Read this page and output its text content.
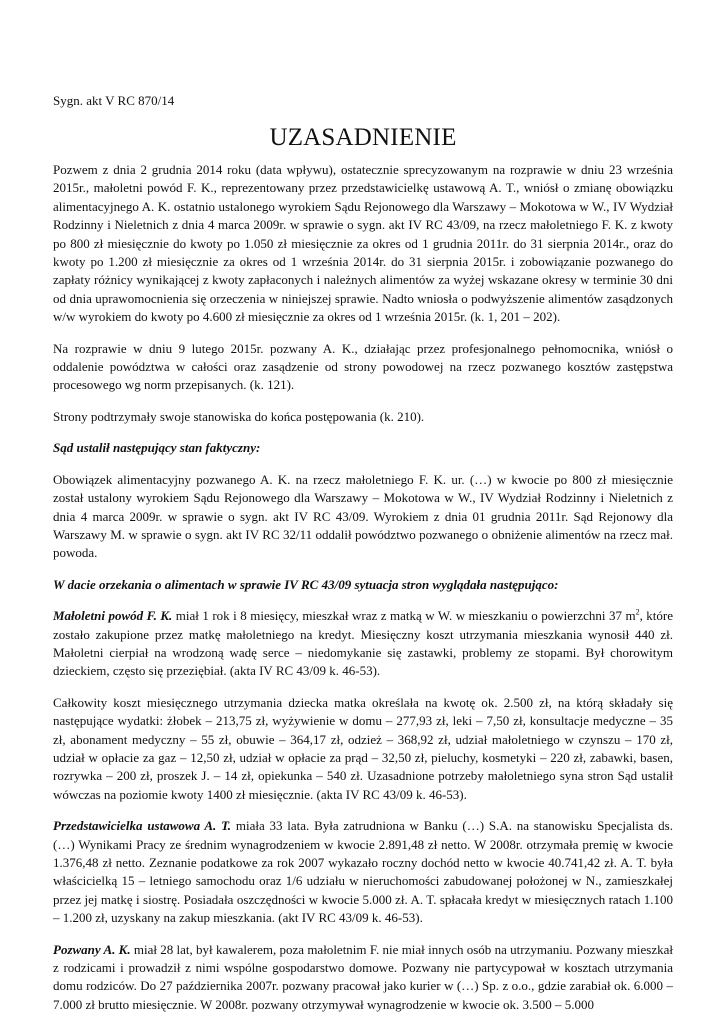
Sygn. akt V RC 870/14

UZASADNIENIE

Pozwem z dnia 2 grudnia 2014 roku (data wpływu), ostatecznie sprecyzowanym na rozprawie w dniu 23 września 2015r., małoletni powód F. K., reprezentowany przez przedstawicielkę ustawową A. T., wniósł o zmianę obowiązku alimentacyjnego A. K. ostatnio ustalonego wyrokiem Sądu Rejonowego dla Warszawy – Mokotowa w W., IV Wydział Rodzinny i Nieletnich z dnia 4 marca 2009r. w sprawie o sygn. akt IV RC 43/09, na rzecz małoletniego F. K. z kwoty po 800 zł miesięcznie do kwoty po 1.050 zł miesięcznie za okres od 1 grudnia 2011r. do 31 sierpnia 2014r., oraz do kwoty po 1.200 zł miesięcznie za okres od 1 września 2014r. do 31 sierpnia 2015r. i zobowiązanie pozwanego do zapłaty różnicy wynikającej z kwoty zapłaconych i należnych alimentów za wyżej wskazane okresy w terminie 30 dni od dnia uprawomocnienia się orzeczenia w niniejszej sprawie. Nadto wniosła o podwyższenie alimentów zasądzonych w/w wyrokiem do kwoty po 4.600 zł miesięcznie za okres od 1 września 2015r. (k. 1, 201 – 202).

Na rozprawie w dniu 9 lutego 2015r. pozwany A. K., działając przez profesjonalnego pełnomocnika, wniósł o oddalenie powództwa w całości oraz zasądzenie od strony powodowej na rzecz pozwanego kosztów zastępstwa procesowego wg norm przepisanych. (k. 121).

Strony podtrzymały swoje stanowiska do końca postępowania (k. 210).

Sąd ustalił następujący stan faktyczny:

Obowiązek alimentacyjny pozwanego A. K. na rzecz małoletniego F. K. ur. (…) w kwocie po 800 zł miesięcznie został ustalony wyrokiem Sądu Rejonowego dla Warszawy – Mokotowa w W., IV Wydział Rodzinny i Nieletnich z dnia 4 marca 2009r. w sprawie o sygn. akt IV RC 43/09. Wyrokiem z dnia 01 grudnia 2011r. Sąd Rejonowy dla Warszawy M. w sprawie o sygn. akt IV RC 32/11 oddalił powództwo pozwanego o obniżenie alimentów na rzecz mał. powoda.

W dacie orzekania o alimentach w sprawie IV RC 43/09 sytuacja stron wyglądała następująco:

Małoletni powód F. K. miał 1 rok i 8 miesięcy, mieszkał wraz z matką w W. w mieszkaniu o powierzchni 37 $m^2$, które zostało zakupione przez matkę małoletniego na kredyt. Miesięczny koszt utrzymania mieszkania wynosił 440 zł. Małoletni cierpiał na wrodzoną wadę serce – niedomykanie się zastawki, problemy ze stopami. Był chorowitym dzieckiem, często się przeziębiał. (akta IV RC 43/09 k. 46-53).

Całkowity koszt miesięcznego utrzymania dziecka matka określała na kwotę ok. 2.500 zł, na którą składały się następujące wydatki: żłobek – 213,75 zł, wyżywienie w domu – 277,93 zł, leki – 7,50 zł, konsultacje medyczne – 35 zł, abonament medyczny – 55 zł, obuwie – 364,17 zł, odzież – 368,92 zł, udział małoletniego w czynszu – 170 zł, udział w opłacie za gaz – 12,50 zł, udział w opłacie za prąd – 32,50 zł, pieluchy, kosmetyki – 220 zł, zabawki, basen, rozrywka – 200 zł, proszek J. – 14 zł, opiekunka – 540 zł. Uzasadnione potrzeby małoletniego syna stron Sąd ustalił wówczas na poziomie kwoty 1400 zł miesięcznie. (akta IV RC 43/09 k. 46-53).

Przedstawicielka ustawowa A. T. miała 33 lata. Była zatrudniona w Banku (…) S.A. na stanowisku Specjalista ds. (…) Wynikami Pracy ze średnim wynagrodzeniem w kwocie 2.891,48 zł netto. W 2008r. otrzymała premię w kwocie 1.376,48 zł netto. Zeznanie podatkowe za rok 2007 wykazało roczny dochód netto w kwocie 40.741,42 zł. A. T. była właścicielką 15 – letniego samochodu oraz 1/6 udziału w nieruchomości zabudowanej położonej w N., zamieszkałej przez jej matkę i siostrę. Posiadała oszczędności w kwocie 5.000 zł. A. T. spłacała kredyt w miesięcznych ratach 1.100 – 1.200 zł, uzyskany na zakup mieszkania. (akt IV RC 43/09 k. 46-53).

Pozwany A. K. miał 28 lat, był kawalerem, poza małoletnim F. nie miał innych osób na utrzymaniu. Pozwany mieszkał z rodzicami i prowadził z nimi wspólne gospodarstwo domowe. Pozwany nie partycypował w kosztach utrzymania domu rodziców. Do 27 października 2007r. pozwany pracował jako kurier w (…) Sp. z o.o., gdzie zarabiał ok. 6.000 – 7.000 zł brutto miesięcznie. W 2008r. pozwany otrzymywał wynagrodzenie w kwocie ok. 3.500 – 5.000
